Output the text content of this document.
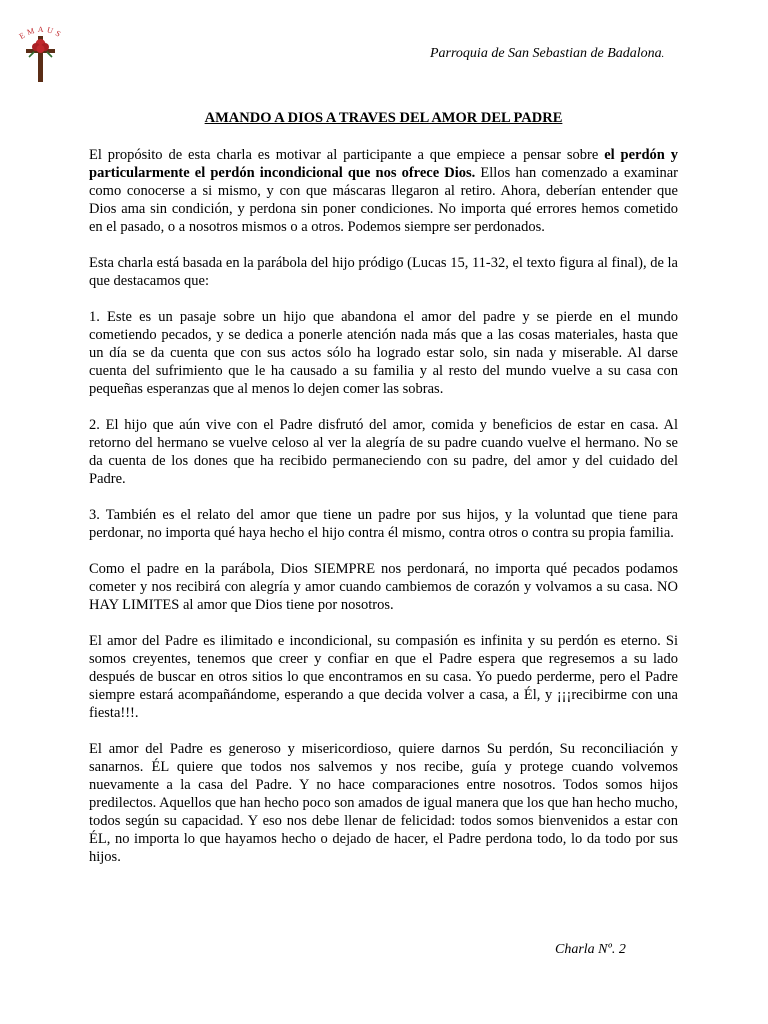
EMAUS
Parroquia de San Sebastian de Badalona.
AMANDO A DIOS A TRAVES DEL AMOR DEL PADRE

El propósito de esta charla es motivar al participante a que empiece a pensar sobre el perdón y particularmente el perdón incondicional que nos ofrece Dios. Ellos han comenzado a examinar como conocerse a si mismo, y con que máscaras llegaron al retiro. Ahora, deberían entender que Dios ama sin condición, y perdona sin poner condiciones. No importa qué errores hemos cometido en el pasado, o a nosotros mismos o a otros. Podemos siempre ser perdonados.

Esta charla está basada en la parábola del hijo pródigo (Lucas 15, 11-32, el texto figura al final), de la que destacamos que:

1. Este es un pasaje sobre un hijo que abandona el amor del padre y se pierde en el mundo cometiendo pecados, y se dedica a ponerle atención nada más que a las cosas materiales, hasta que un día se da cuenta que con sus actos sólo ha logrado estar solo, sin nada y miserable. Al darse cuenta del sufrimiento que le ha causado a su familia y al resto del mundo vuelve a su casa con pequeñas esperanzas que al menos lo dejen comer las sobras.

2. El hijo que aún vive con el Padre disfrutó del amor, comida y beneficios de estar en casa. Al retorno del hermano se vuelve celoso al ver la alegría de su padre cuando vuelve el hermano. No se da cuenta de los dones que ha recibido permaneciendo con su padre, del amor y del cuidado del Padre.

3. También es el relato del amor que tiene un padre por sus hijos, y la voluntad que tiene para perdonar, no importa qué haya hecho el hijo contra él mismo, contra otros o contra su propia familia.

Como el padre en la parábola, Dios SIEMPRE nos perdonará, no importa qué pecados podamos cometer y nos recibirá con alegría y amor cuando cambiemos de corazón y volvamos a su casa. NO HAY LIMITES al amor que Dios tiene por nosotros.

El amor del Padre es ilimitado e incondicional, su compasión es infinita y su perdón es eterno. Si somos creyentes, tenemos que creer y confiar en que el Padre espera que regresemos a su lado después de buscar en otros sitios lo que encontramos en su casa. Yo puedo perderme, pero el Padre siempre estará acompañándome, esperando a que decida volver a casa, a Él, y ¡¡¡recibirme con una fiesta!!!.

El amor del Padre es generoso y misericordioso, quiere darnos Su perdón, Su reconciliación y sanarnos. ÉL quiere que todos nos salvemos y nos recibe, guía y protege cuando volvemos nuevamente a la casa del Padre. Y no hace comparaciones entre nosotros. Todos somos hijos predilectos. Aquellos que han hecho poco son amados de igual manera que los que han hecho mucho, todos según su capacidad. Y eso nos debe llenar de felicidad: todos somos bienvenidos a estar con ÉL, no importa lo que hayamos hecho o dejado de hacer, el Padre perdona todo, lo da todo por sus hijos.

Charla Nº. 2
